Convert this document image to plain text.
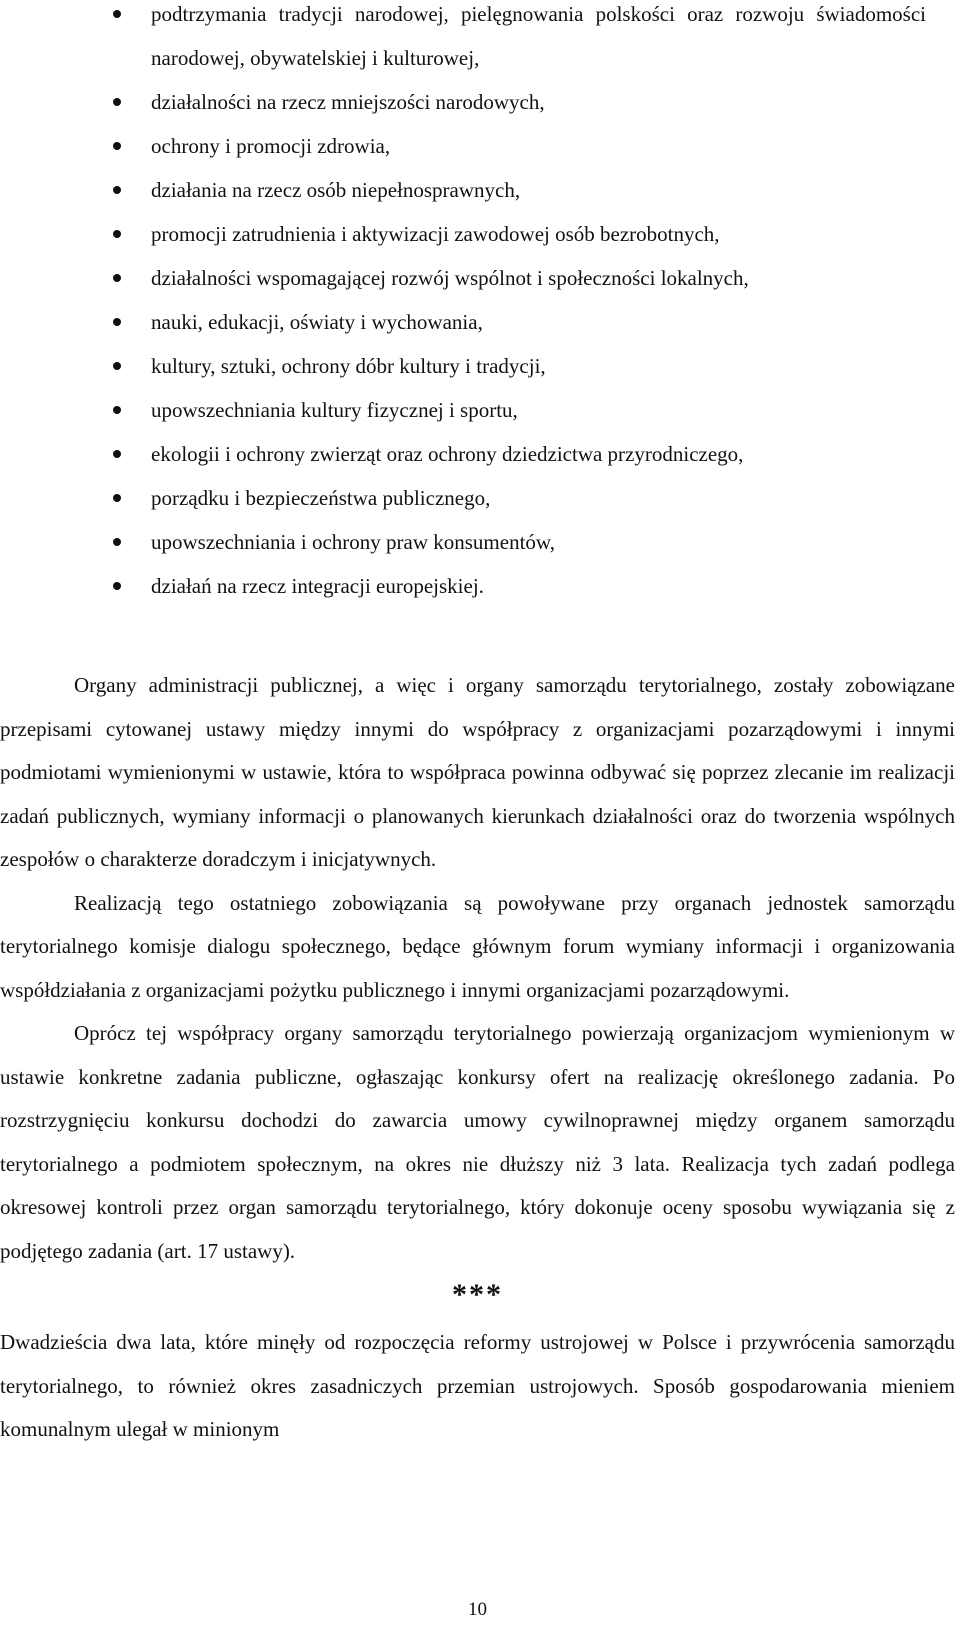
podtrzymania tradycji narodowej, pielęgnowania polskości oraz rozwoju świadomości narodowej, obywatelskiej i kulturowej,
działalności na rzecz mniejszości narodowych,
ochrony i promocji zdrowia,
działania na rzecz osób niepełnosprawnych,
promocji zatrudnienia i aktywizacji zawodowej osób bezrobotnych,
działalności wspomagającej rozwój wspólnot i społeczności lokalnych,
nauki, edukacji, oświaty i wychowania,
kultury, sztuki, ochrony dóbr kultury i tradycji,
upowszechniania kultury fizycznej i sportu,
ekologii i ochrony zwierząt oraz ochrony dziedzictwa przyrodniczego,
porządku i bezpieczeństwa publicznego,
upowszechniania i ochrony praw konsumentów,
działań na rzecz integracji europejskiej.

Organy administracji publicznej, a więc i organy samorządu terytorialnego, zostały zobowiązane przepisami cytowanej ustawy między innymi do współpracy z organizacjami pozarządowymi i innymi podmiotami wymienionymi w ustawie, która to współpraca powinna odbywać się poprzez zlecanie im realizacji zadań publicznych, wymiany informacji o planowanych kierunkach działalności oraz do tworzenia wspólnych zespołów o charakterze doradczym i inicjatywnych.

Realizacją tego ostatniego zobowiązania są powoływane przy organach jednostek samorządu terytorialnego komisje dialogu społecznego, będące głównym forum wymiany informacji i organizowania współdziałania z organizacjami pożytku publicznego i innymi organizacjami pozarządowymi.

Oprócz tej współpracy organy samorządu terytorialnego powierzają organizacjom wymienionym w ustawie konkretne zadania publiczne, ogłaszając konkursy ofert na realizację określonego zadania. Po rozstrzygnięciu konkursu dochodzi do zawarcia umowy cywilnoprawnej między organem samorządu terytorialnego a podmiotem społecznym, na okres nie dłuższy niż 3 lata. Realizacja tych zadań podlega okresowej kontroli przez organ samorządu terytorialnego, który dokonuje oceny sposobu wywiązania się z podjętego zadania (art. 17 ustawy).

***

Dwadzieścia dwa lata, które minęły od rozpoczęcia reformy ustrojowej w Polsce i przywrócenia samorządu terytorialnego, to również okres zasadniczych przemian ustrojowych. Sposób gospodarowania mieniem komunalnym ulegał w minionym

10
